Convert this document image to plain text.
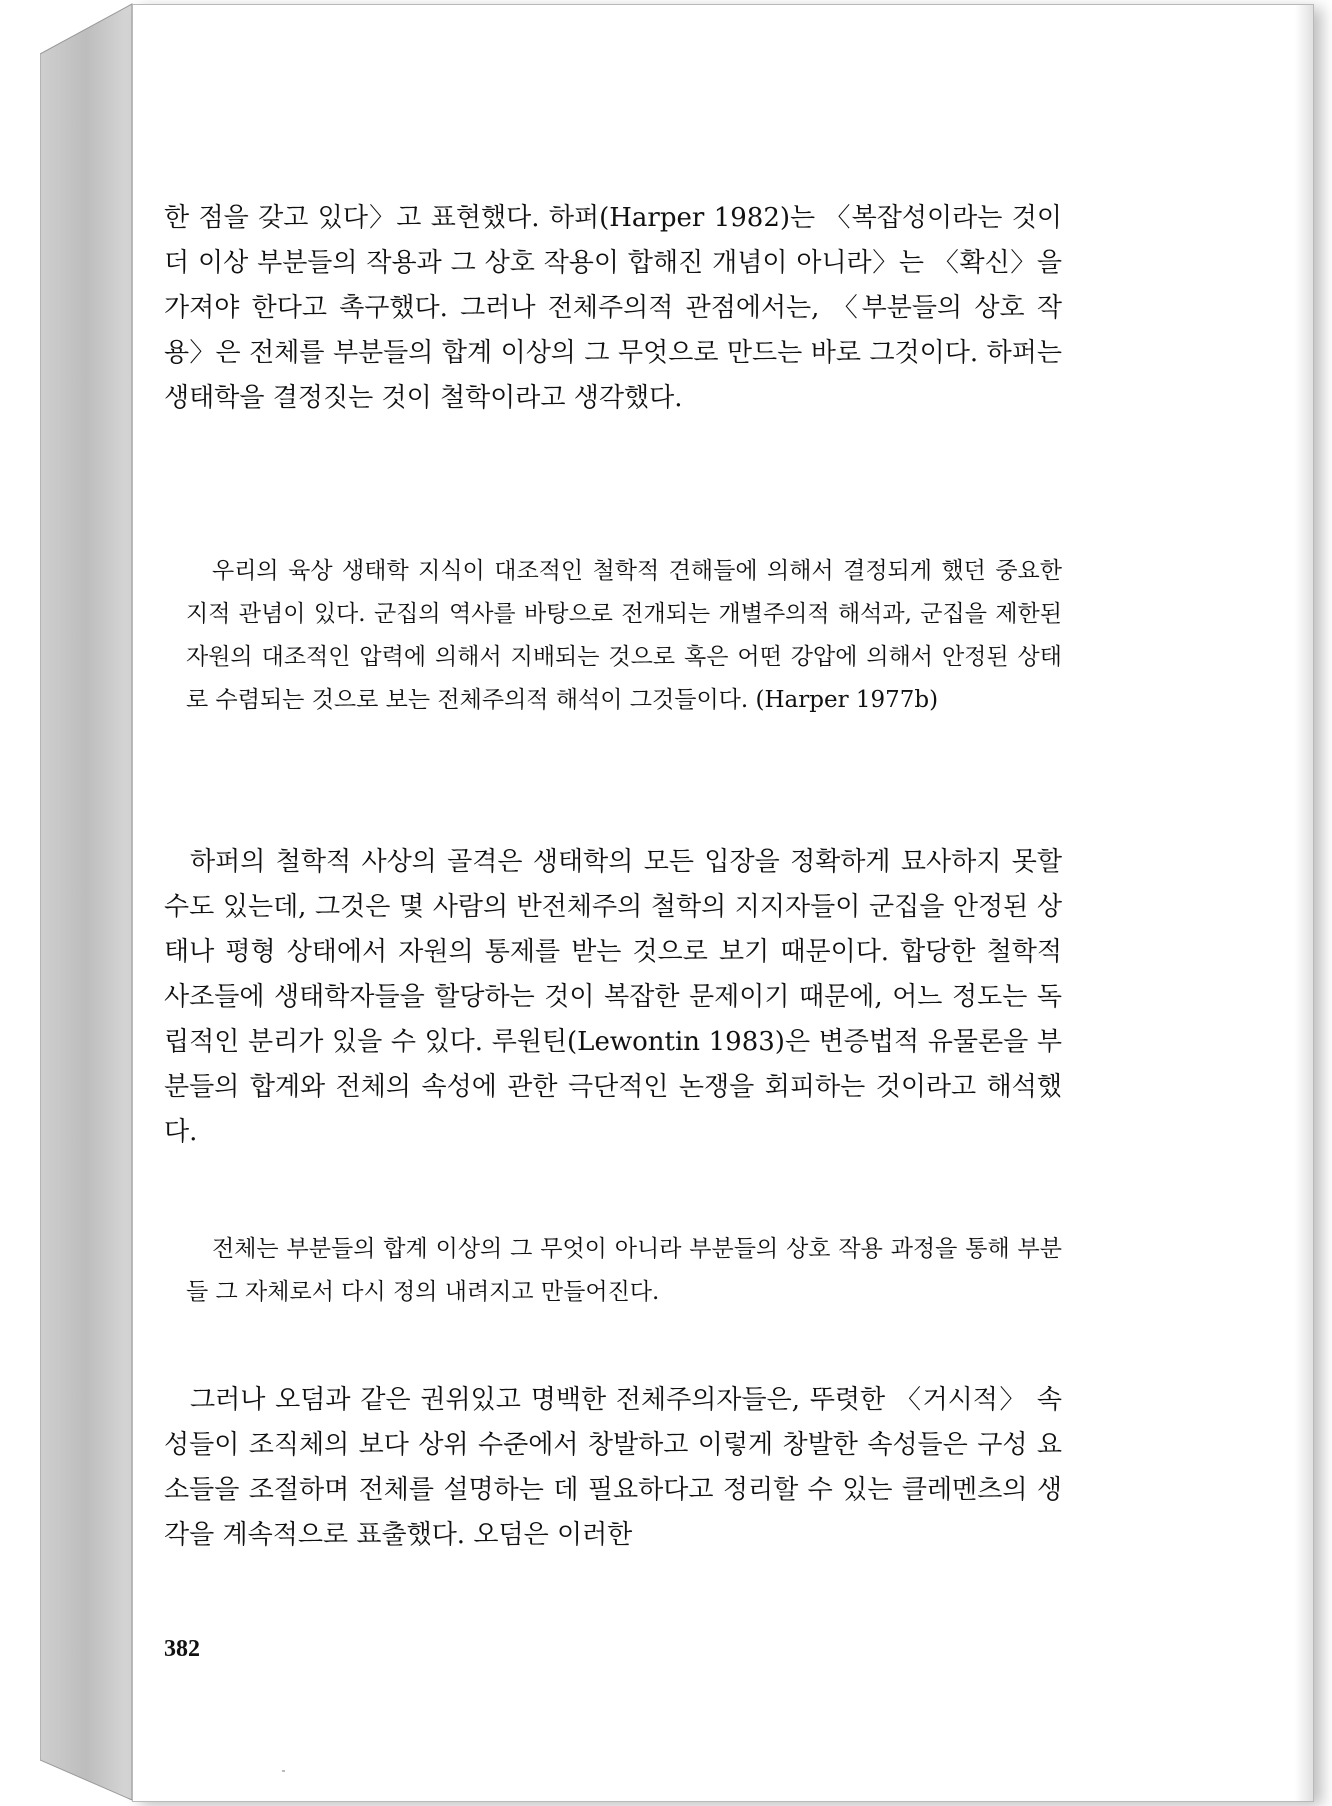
한 점을 갖고 있다〉고 표현했다. 하퍼(Harper 1982)는 〈복잡성이라는 것이 더 이상 부분들의 작용과 그 상호 작용이 합해진 개념이 아니라〉는 〈확신〉을 가져야 한다고 촉구했다. 그러나 전체주의적 관점에서는, 〈부분들의 상호 작용〉은 전체를 부분들의 합계 이상의 그 무엇으로 만드는 바로 그것이다. 하퍼는 생태학을 결정짓는 것이 철학이라고 생각했다.

우리의 육상 생태학 지식이 대조적인 철학적 견해들에 의해서 결정되게 했던 중요한 지적 관념이 있다. 군집의 역사를 바탕으로 전개되는 개별주의적 해석과, 군집을 제한된 자원의 대조적인 압력에 의해서 지배되는 것으로 혹은 어떤 강압에 의해서 안정된 상태로 수렴되는 것으로 보는 전체주의적 해석이 그것들이다. (Harper 1977b)

하퍼의 철학적 사상의 골격은 생태학의 모든 입장을 정확하게 묘사하지 못할 수도 있는데, 그것은 몇 사람의 반전체주의 철학의 지지자들이 군집을 안정된 상태나 평형 상태에서 자원의 통제를 받는 것으로 보기 때문이다. 합당한 철학적 사조들에 생태학자들을 할당하는 것이 복잡한 문제이기 때문에, 어느 정도는 독립적인 분리가 있을 수 있다. 루원틴(Lewontin 1983)은 변증법적 유물론을 부분들의 합계와 전체의 속성에 관한 극단적인 논쟁을 회피하는 것이라고 해석했다.

전체는 부분들의 합계 이상의 그 무엇이 아니라 부분들의 상호 작용 과정을 통해 부분들 그 자체로서 다시 정의 내려지고 만들어진다.

그러나 오덤과 같은 권위있고 명백한 전체주의자들은, 뚜렷한 〈거시적〉 속성들이 조직체의 보다 상위 수준에서 창발하고 이렇게 창발한 속성들은 구성 요소들을 조절하며 전체를 설명하는 데 필요하다고 정리할 수 있는 클레멘츠의 생각을 계속적으로 표출했다. 오덤은 이러한

382
